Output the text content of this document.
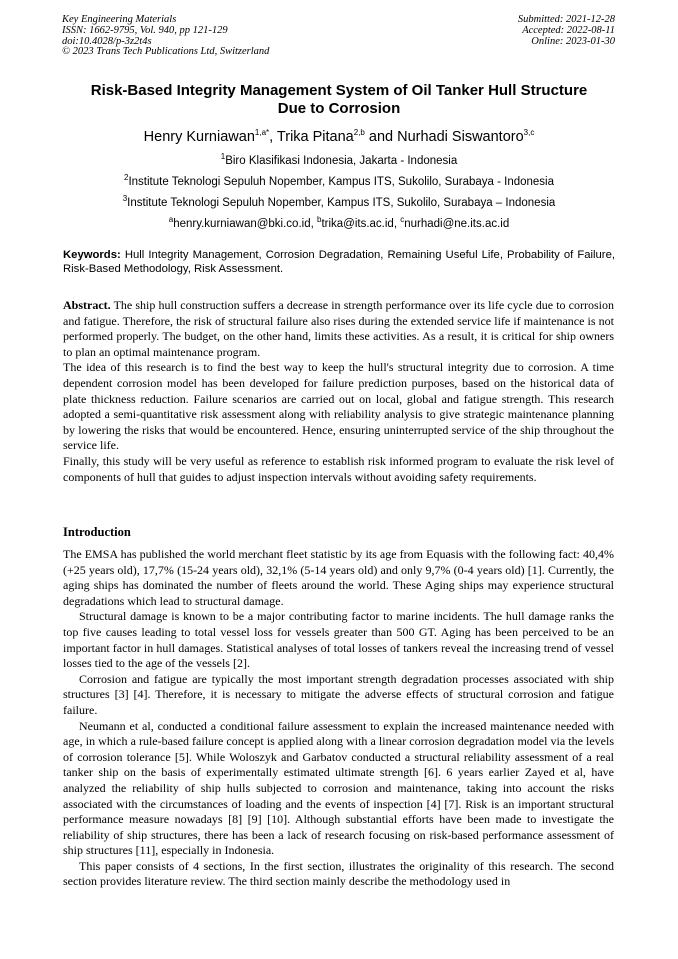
Key Engineering Materials
ISSN: 1662-9795, Vol. 940, pp 121-129
doi:10.4028/p-3z2t4s
© 2023 Trans Tech Publications Ltd, Switzerland
Submitted: 2021-12-28
Accepted: 2022-08-11
Online: 2023-01-30
Risk-Based Integrity Management System of Oil Tanker Hull Structure
Due to Corrosion
Henry Kurniawan$^{1,a*}$, Trika Pitana$^{2,b}$ and Nurhadi Siswantoro$^{3,c}$
$^1$Biro Klasifikasi Indonesia, Jakarta - Indonesia
$^2$Institute Teknologi Sepuluh Nopember, Kampus ITS, Sukolilo, Surabaya - Indonesia
$^3$Institute Teknologi Sepuluh Nopember, Kampus ITS, Sukolilo, Surabaya – Indonesia
$^a$henry.kurniawan@bki.co.id, $^b$trika@its.ac.id, $^c$nurhadi@ne.its.ac.id
Keywords: Hull Integrity Management, Corrosion Degradation, Remaining Useful Life, Probability of Failure, Risk-Based Methodology, Risk Assessment.

Abstract. The ship hull construction suffers a decrease in strength performance over its life cycle due to corrosion and fatigue. Therefore, the risk of structural failure also rises during the extended service life if maintenance is not performed properly. The budget, on the other hand, limits these activities. As a result, it is critical for ship owners to plan an optimal maintenance program.

The idea of this research is to find the best way to keep the hull's structural integrity due to corrosion. A time dependent corrosion model has been developed for failure prediction purposes, based on the historical data of plate thickness reduction. Failure scenarios are carried out on local, global and fatigue strength. This research adopted a semi-quantitative risk assessment along with reliability analysis to give strategic maintenance planning by lowering the risks that would be encountered. Hence, ensuring uninterrupted service of the ship throughout the service life.

Finally, this study will be very useful as reference to establish risk informed program to evaluate the risk level of components of hull that guides to adjust inspection intervals without avoiding safety requirements.

Introduction

The EMSA has published the world merchant fleet statistic by its age from Equasis with the following fact: 40,4% (+25 years old), 17,7% (15-24 years old), 32,1% (5-14 years old) and only 9,7% (0-4 years old) [1]. Currently, the aging ships has dominated the number of fleets around the world. These Aging ships may experience structural degradations which lead to structural damage.

Structural damage is known to be a major contributing factor to marine incidents. The hull damage ranks the top five causes leading to total vessel loss for vessels greater than 500 GT. Aging has been perceived to be an important factor in hull damages. Statistical analyses of total losses of tankers reveal the increasing trend of vessel losses tied to the age of the vessels [2].

Corrosion and fatigue are typically the most important strength degradation processes associated with ship structures [3] [4]. Therefore, it is necessary to mitigate the adverse effects of structural corrosion and fatigue failure.

Neumann et al, conducted a conditional failure assessment to explain the increased maintenance needed with age, in which a rule-based failure concept is applied along with a linear corrosion degradation model via the levels of corrosion tolerance [5]. While Woloszyk and Garbatov conducted a structural reliability assessment of a real tanker ship on the basis of experimentally estimated ultimate strength [6]. 6 years earlier Zayed et al, have analyzed the reliability of ship hulls subjected to corrosion and maintenance, taking into account the risks associated with the circumstances of loading and the events of inspection [4] [7]. Risk is an important structural performance measure nowadays [8] [9] [10]. Although substantial efforts have been made to investigate the reliability of ship structures, there has been a lack of research focusing on risk-based performance assessment of ship structures [11], especially in Indonesia.

This paper consists of 4 sections, In the first section, illustrates the originality of this research. The second section provides literature review. The third section mainly describe the methodology used in
